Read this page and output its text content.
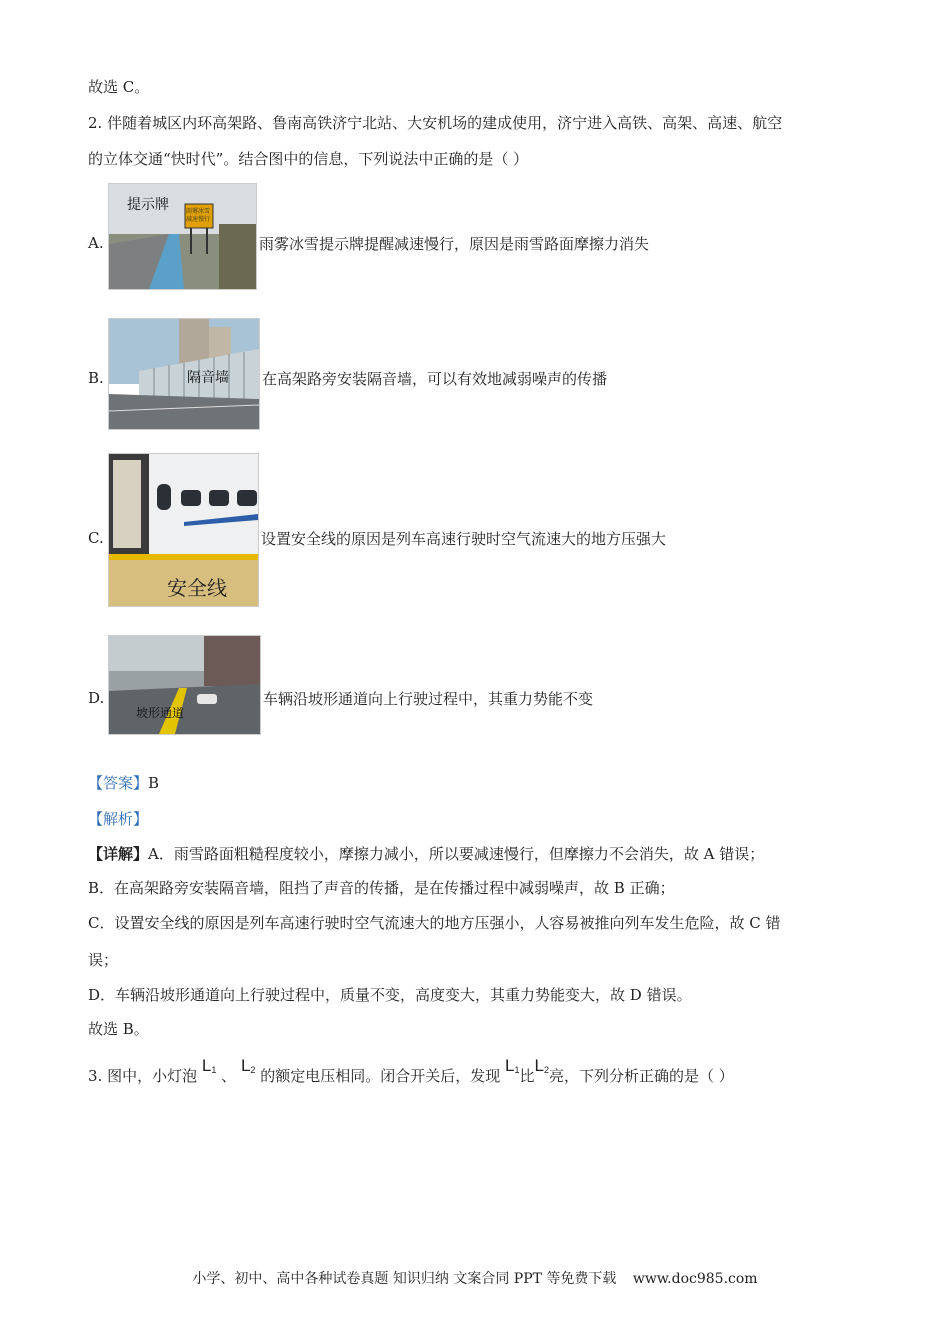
故选 C。
2. 伴随着城区内环高架路、鲁南高铁济宁北站、大安机场的建成使用，济宁进入高铁、高架、高速、航空
的立体交通“快时代”。结合图中的信息，下列说法中正确的是（ ）
A.
提示牌	雨雾冰雪 减速慢行
雨雾冰雪提示牌提醒减速慢行，原因是雨雪路面摩擦力消失
B.	隔音墙 在高架路旁安装隔音墙，可以有效地减弱噪声的传播
C.
安全线
设置安全线的原因是列车高速行驶时空气流速大的地方压强大
D.
坡形通道
车辆沿坡形通道向上行驶过程中，其重力势能不变
【答案】B
【解析】
【详解】A．雨雪路面粗糙程度较小，摩擦力减小，所以要减速慢行，但摩擦力不会消失，故 A 错误；
B．在高架路旁安装隔音墙，阻挡了声音的传播，是在传播过程中减弱噪声，故 B 正确；
C．设置安全线的原因是列车高速行驶时空气流速大的地方压强小，人容易被推向列车发生危险，故 C 错
误；
D．车辆沿坡形通道向上行驶过程中，质量不变，高度变大，其重力势能变大，故 D 错误。
故选 B。
3. 图中，小灯泡 $L_1$ 、 $L_2$ 的额定电压相同。闭合开关后，发现 $L_1$比$L_2$亮，下列分析正确的是（ ）
小学、初中、高中各种试卷真题 知识归纳 文案合同 PPT 等免费下载 www.doc985.com
